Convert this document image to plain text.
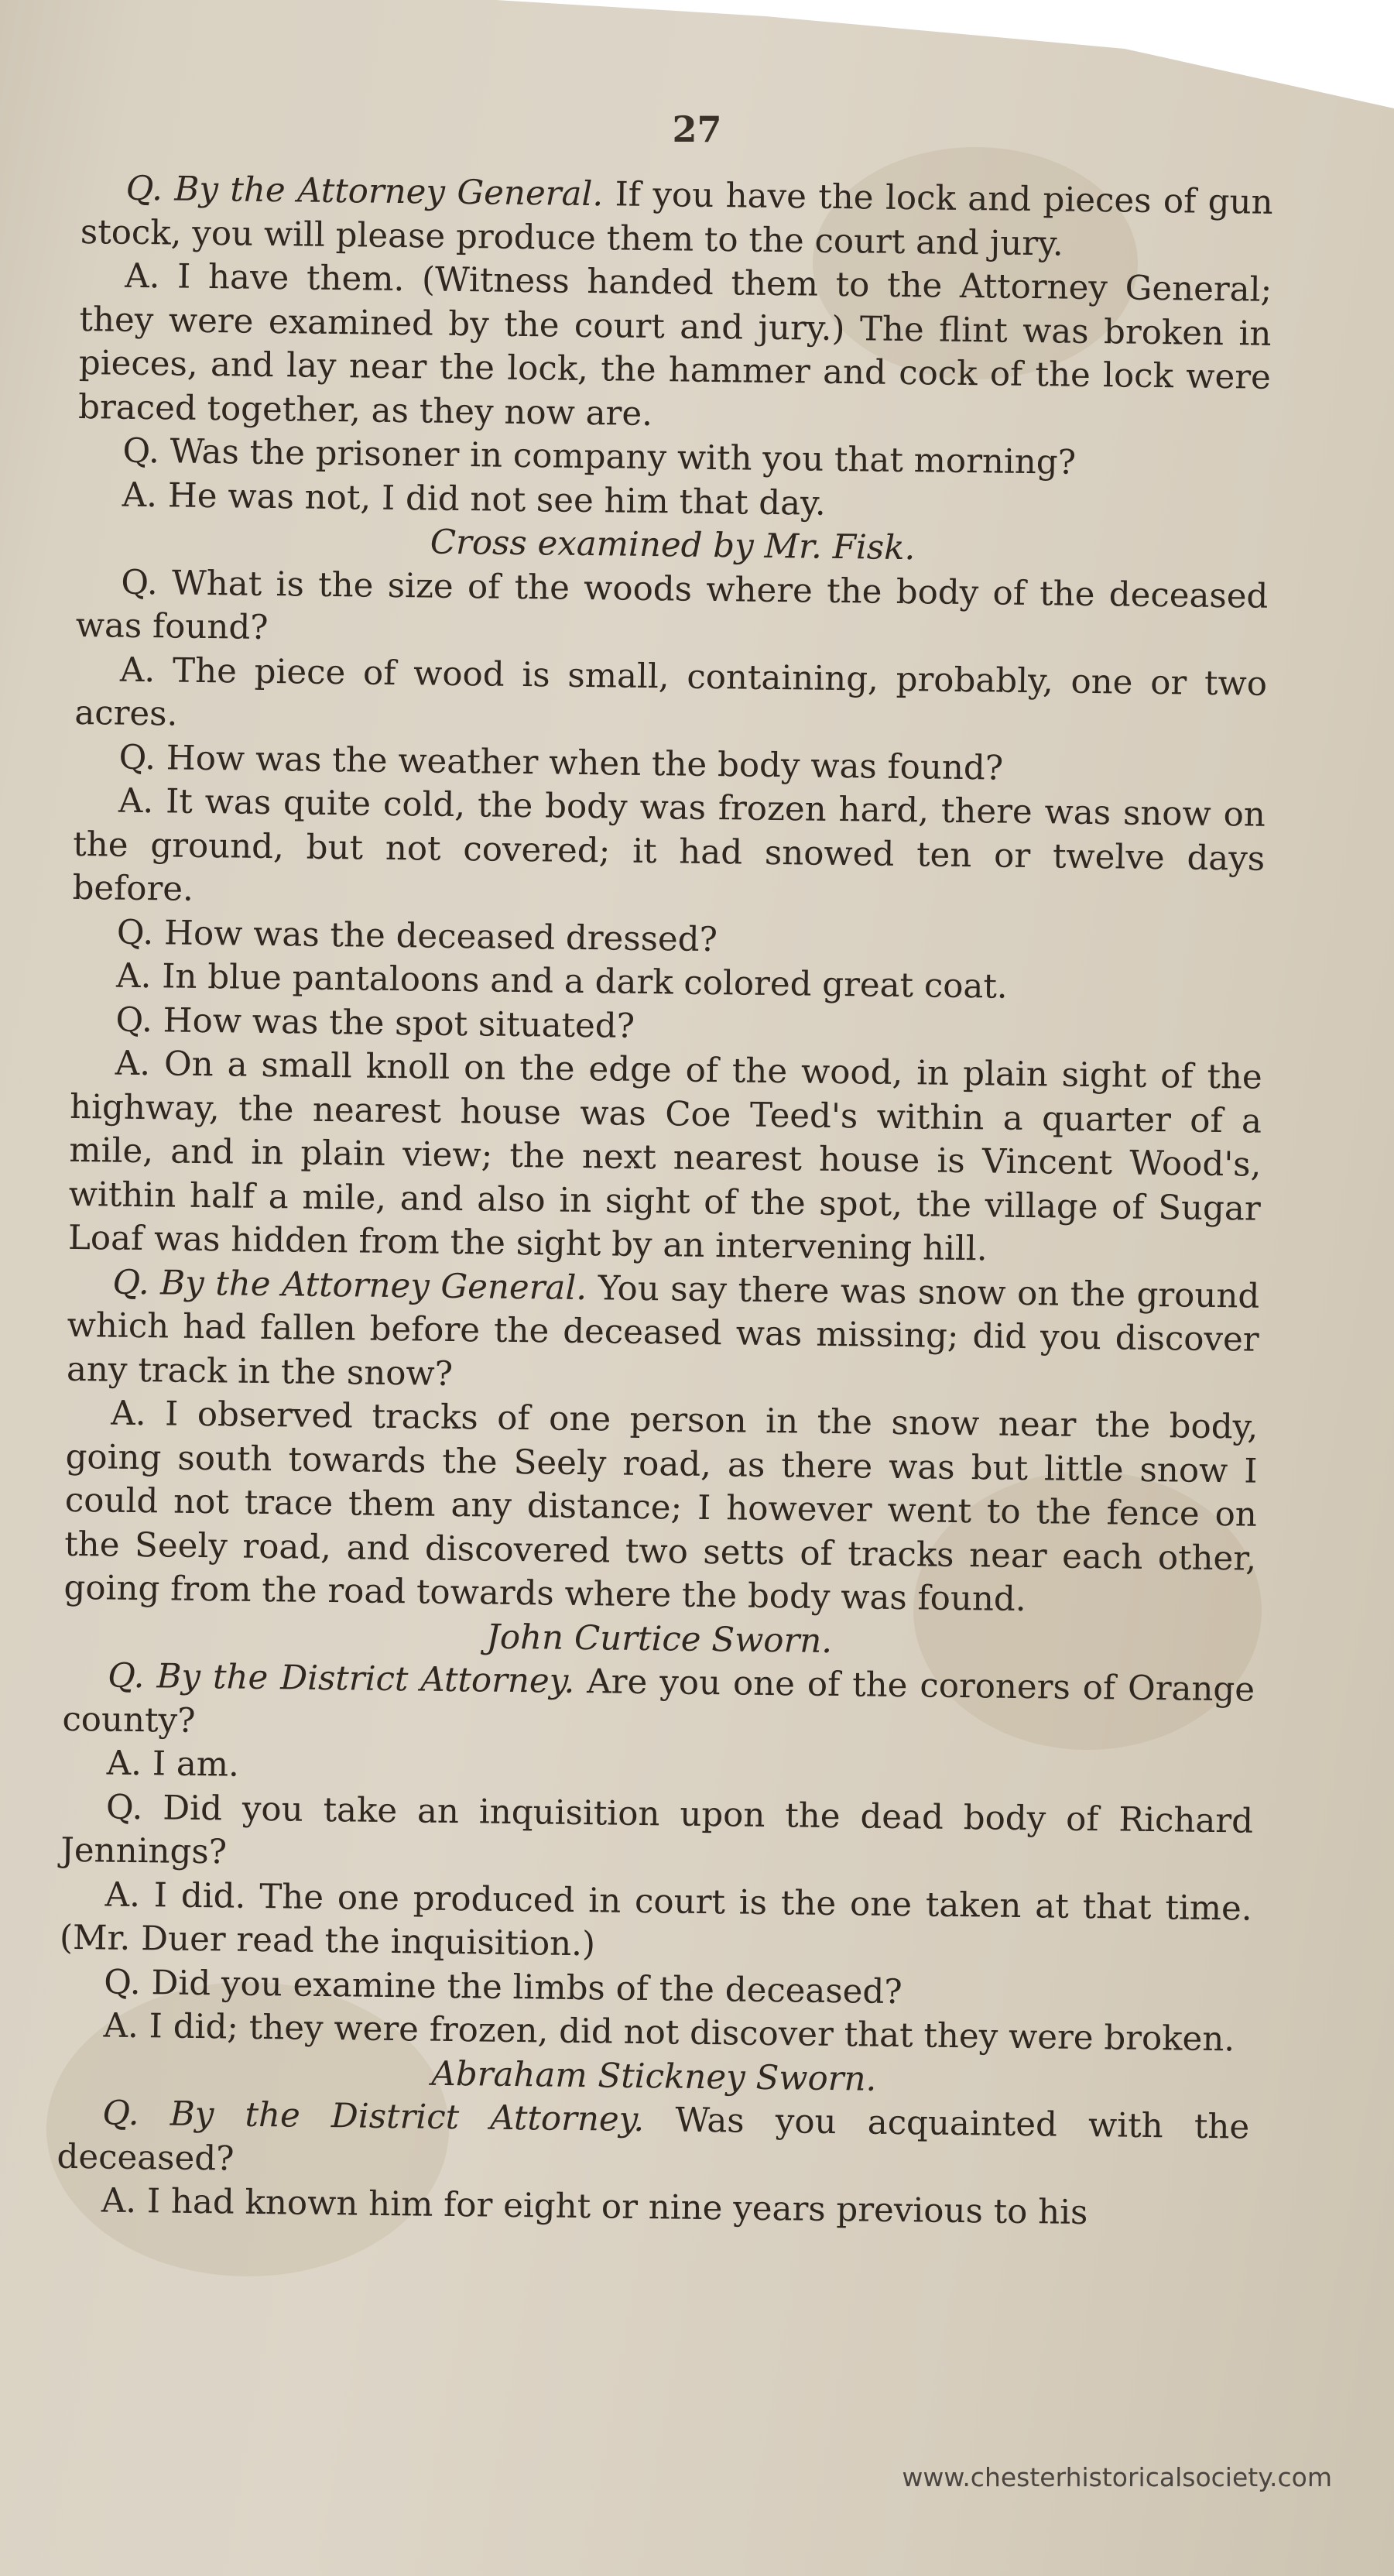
27

Q. By the Attorney General. If you have the lock and pieces of gun stock, you will please produce them to the court and jury.

A. I have them. (Witness handed them to the Attorney General; they were examined by the court and jury.) The flint was broken in pieces, and lay near the lock, the hammer and cock of the lock were braced together, as they now are.

Q. Was the prisoner in company with you that morning?

A. He was not, I did not see him that day.

Cross examined by Mr. Fisk.

Q. What is the size of the woods where the body of the deceased was found?

A. The piece of wood is small, containing, probably, one or two acres.

Q. How was the weather when the body was found?

A. It was quite cold, the body was frozen hard, there was snow on the ground, but not covered; it had snowed ten or twelve days before.

Q. How was the deceased dressed?

A. In blue pantaloons and a dark colored great coat.

Q. How was the spot situated?

A. On a small knoll on the edge of the wood, in plain sight of the highway, the nearest house was Coe Teed's within a quarter of a mile, and in plain view; the next nearest house is Vincent Wood's, within half a mile, and also in sight of the spot, the village of Sugar Loaf was hidden from the sight by an intervening hill.

Q. By the Attorney General. You say there was snow on the ground which had fallen before the deceased was missing; did you discover any track in the snow?

A. I observed tracks of one person in the snow near the body, going south towards the Seely road, as there was but little snow I could not trace them any distance; I however went to the fence on the Seely road, and discovered two setts of tracks near each other, going from the road towards where the body was found.

John Curtice Sworn.

Q. By the District Attorney. Are you one of the coroners of Orange county?

A. I am.

Q. Did you take an inquisition upon the dead body of Richard Jennings?

A. I did. The one produced in court is the one taken at that time. (Mr. Duer read the inquisition.)

Q. Did you examine the limbs of the deceased?

A. I did; they were frozen, did not discover that they were broken.

Abraham Stickney Sworn.

Q. By the District Attorney. Was you acquainted with the deceased?

A. I had known him for eight or nine years previous to his

www.chesterhistoricalsociety.com
